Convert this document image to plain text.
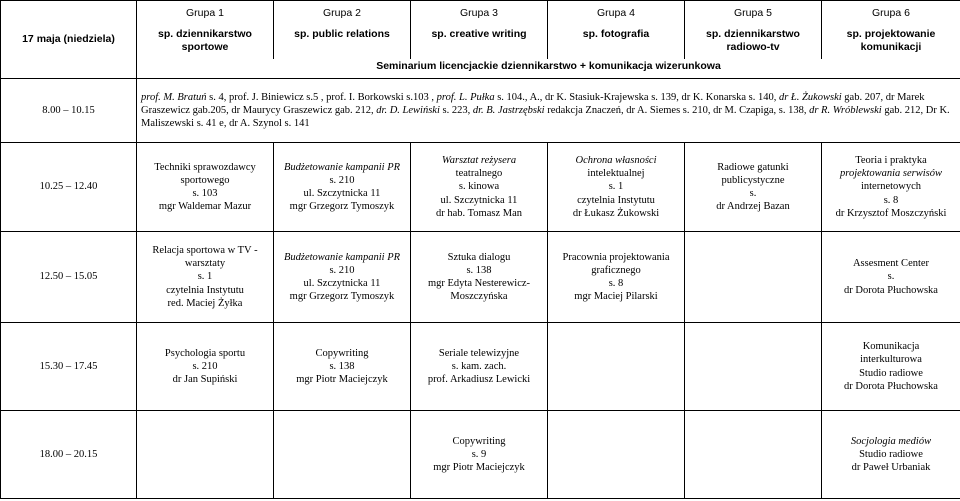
17 maja (niedziela)	Grupa 1	Grupa 2	Grupa 3	Grupa 4	Grupa 5	Grupa 6
	sp. dziennikarstwo sportowe	sp. public relations	sp. creative writing	sp. fotografia	sp. dziennikarstwo radiowo-tv	sp. projektowanie komunikacji
	Seminarium licencjackie dziennikarstwo + komunikacja wizerunkowa					
8.00 – 10.15	prof. M. Bratuń s. 4, prof. J. Biniewicz s.5 , prof. I. Borkowski s.103 , prof. L. Pułka s. 104., A., dr K. Stasiuk-Krajewska s. 139, dr K. Konarska s. 140, dr Ł. Żukowski gab. 207, dr Marek Graszewicz gab.205, dr Maurycy Graszewicz gab. 212, dr. D. Lewiński s. 223, dr. B. Jastrzębski redakcja Znaczeń, dr A. Siemes s. 210, dr M. Czapiga, s. 138, dr R. Wróblewski gab. 212, Dr K. Maliszewski s. 41 e, dr A. Szynol s. 141					
10.25 – 12.40	Techniki sprawozdawcy
sportowego
s. 103
mgr Waldemar Mazur	Budżetowanie kampanii PR
s. 210
ul. Szczytnicka 11
mgr Grzegorz Tymoszyk	Warsztat reżysera
teatralnego
s. kinowa
ul. Szczytnicka 11
dr hab. Tomasz Man	Ochrona własności
intelektualnej
s. 1
czytelnia Instytutu
dr Łukasz Żukowski	Radiowe gatunki
publicystyczne
s.
dr Andrzej Bazan	Teoria i praktyka
projektowania serwisów
internetowych
s. 8
dr Krzysztof Moszczyński

12.50 – 15.05	Relacja sportowa w TV -
warsztaty
s. 1
czytelnia Instytutu
red. Maciej Żyłka	Budżetowanie kampanii PR
s. 210
ul. Szczytnicka 11
mgr Grzegorz Tymoszyk	Sztuka dialogu
s. 138
mgr Edyta Nesterewicz-
Moszczyńska	Pracownia projektowania
graficznego
s. 8
mgr Maciej Pilarski		Assesment Center
s.
dr Dorota Płuchowska

15.30 – 17.45	Psychologia sportu
s. 210
dr Jan Supiński	Copywriting
s. 138
mgr Piotr Maciejczyk	Seriale telewizyjne
s. kam. zach.
prof. Arkadiusz Lewicki			Komunikacja
interkulturowa
Studio radiowe
dr Dorota Płuchowska

18.00 – 20.15			Copywriting
s. 9
mgr Piotr Maciejczyk			Socjologia mediów
Studio radiowe
dr Paweł Urbaniak
